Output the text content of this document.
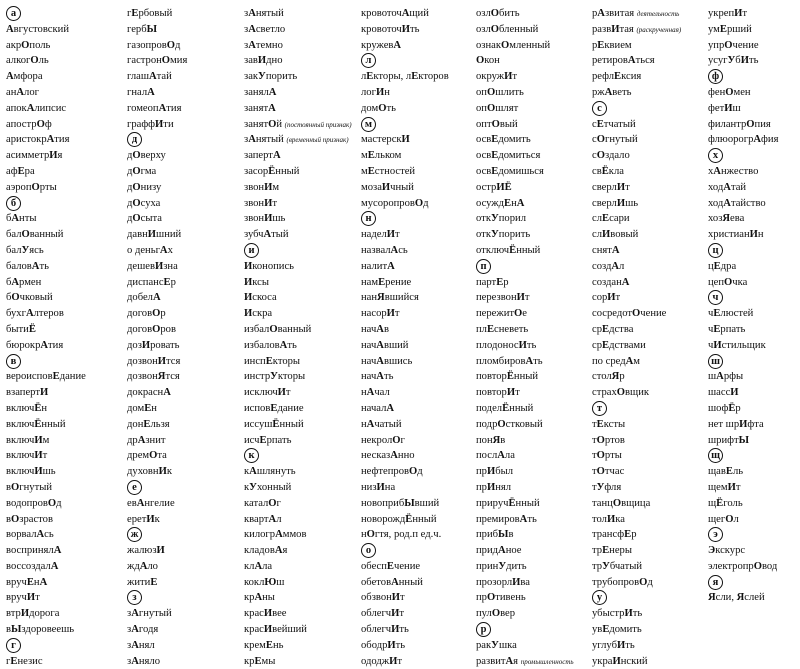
а
Августовский
акрОполь
алкогОль
Амфора
анАлог
апокАлипсис
апострОф
аристокрАтия
асимметрИя
афЕра
аэропОрты
б
бАнты
балОванный
балУясь
баловАть
бАрмен
бОчковый
бухгАлтеров
бытиЁ
бюрокрАтия
в
вероисповЕдание
взапертИ
включЁн
включЁнный
включИм
включИт
включИшь
вОгнутый
водопровОд
вОзрастов
ворвалАсь
воспринялА
воссоздалА
вручЕнА
вручИт
втрИдорога
вЫздоровеешь
г
гЕнезис
гЕрбовый
гербЫ
газопровОд
гастронОмия
глашАтай
гналА
гомеопАтия
граффИти
д
дОверху
дОгма
дОнизу
дОсуха
дОсыта
давнИшний
о деньгАх
дешевИзна
диспансЕр
добелА
договОр
договОров
дозИровать
дозвонИтся
дозвонЯтся
докраснА
домЕн
донЕльзя
дрАзнит
дремОта
духовнИк
е
евАнгелие
еретИк
ж
жалюзИ
ждАло
житиЕ
з
зАгнутый
зАгодя
зАнял
зАняло
зАнятый
зАсветло
зАтемно
завИдно
закУпорить
занялА
занятА
занятОй (постоянный признак)
зАнятый (временный признак)
запертА
засорЁнный
звонИм
звонИт
звонИшь
зубчАтый
и
Иконопись
Иксы
Искоса
Искра
избалОванный
избаловАть
инспЕкторы
инстрУкторы
исключИт
исповЕдание
иссушЁнный
исчЕрпать
к
кАшлянуть
кУхонный
каталОг
квартАл
килогрАммов
кладовАя
клАла
коклЮш
крАны
красИвее
красИвейший
кремЕнь
крЕмы
кровоточАщий
кровоточИть
кружевА
л
лЕкторы, лЕкторов
логИн
домОть
м
мастерскИ
мЕльком
мЕстностей
мозаИчный
мусоропровОд
н
наделИт
назвалАсь
налитА
намЕрение
нанЯвшийся
насорИт
начАв
начАвший
начАвшись
начАть
нАчал
началА
нАчатый
некролОг
несказАнно
нефтепровОд
низИна
новоприбЫвший
новорождЁнный
нОгтя, род.п ед.ч.
о
обеспЕчение
обетовАнный
обзвонИт
облегчИт
облегчИть
ободрИть
ододжИт
озлОбить
озлОбленный
ознакОмленный
Окон
окружИт
опОшлить
опОшлят
оптОвый
освЕдомить
освЕдомиться
освЕдомишься
острИЁ
осуждЕнА
откУпорил
откУпорить
отключЁнный
п
партЕр
перезвонИт
пережитОе
плЕсневеть
плодоносИть
пломбировАть
повторЁнный
повторИт
поделЁнный
подрОстковый
понЯв
послАла
прИбыл
прИнял
приручЁнный
премировАть
прибЫв
придАное
принУдить
прозорлИва
прОтивень
пулОвер
р
ракУшка
развитАя промышленность
рАзвитая деятельность
развИтая (раскрученная)
рЕквием
ретировАться
рефлЕксия
ржАветь
с
сЕтчатый
сОгнутый
сОздало
свЁкла
сверлИт
сверлИшь
слЕсари
слИвовый
снятА
создАл
созданА
сорИт
сосредотОчение
срЕдства
срЕдствами
по средАм
столЯр
страхОвщик
т
тЕксты
тОртов
тОрты
тОтчас
тУфля
танцОвщица
толИка
трансфЕр
трЕнеры
трУбчатый
трубопровОд
у
убыстрИть
увЕдомить
углубИть
украИнский
укрепИт
умЕрший
упрОчение
усугУбИть
ф
фенОмен
фетИш
филантрОпия
флюорогрАфия
х
хАнжество
ходАтай
ходАтайство
хозЯева
христианИн
ц
цЕдра
цепОчка
ч
чЕлюстей
чЕрпать
чИстильщик
ш
шАрфы
шассИ
шофЁр
нет шрИфта
шрифтЫ
щ
щавЕль
щемИт
щЁголь
щегОл
э
Экскурс
электропрОвод
я
Ясли, Яслей
